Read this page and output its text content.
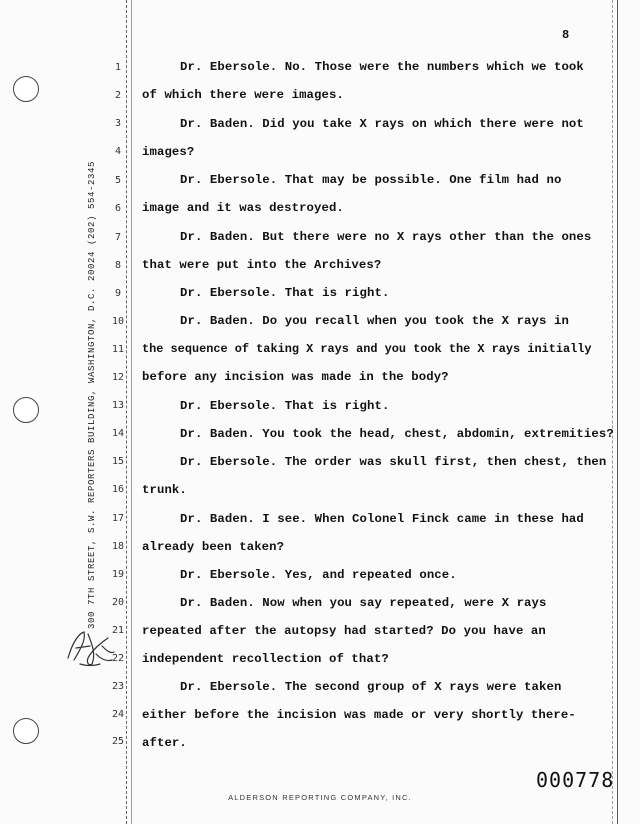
8
300 7TH STREET, S.W. REPORTERS BUILDING, WASHINGTON, D.C. 20024 (202) 554-2345
1
2
3
4
5
6
7
8
9
10
11
12
13
14
15
16
17
18
19
20
21
22
23
24
25
Dr. Ebersole. No. Those were the numbers which we took
of which there were images.
Dr. Baden. Did you take X rays on which there were not
images?
Dr. Ebersole. That may be possible. One film had no
image and it was destroyed.
Dr. Baden. But there were no X rays other than the ones
that were put into the Archives?
Dr. Ebersole. That is right.
Dr. Baden. Do you recall when you took the X rays in
the sequence of taking X rays and you took the X rays initially
before any incision was made in the body?
Dr. Ebersole. That is right.
Dr. Baden. You took the head, chest, abdomin, extremities?
Dr. Ebersole. The order was skull first, then chest, then
trunk.
Dr. Baden. I see. When Colonel Finck came in these had
already been taken?
Dr. Ebersole. Yes, and repeated once.
Dr. Baden. Now when you say repeated, were X rays
repeated after the autopsy had started? Do you have an
independent recollection of that?
Dr. Ebersole. The second group of X rays were taken
either before the incision was made or very shortly there-
after.
000778
ALDERSON REPORTING COMPANY, INC.
